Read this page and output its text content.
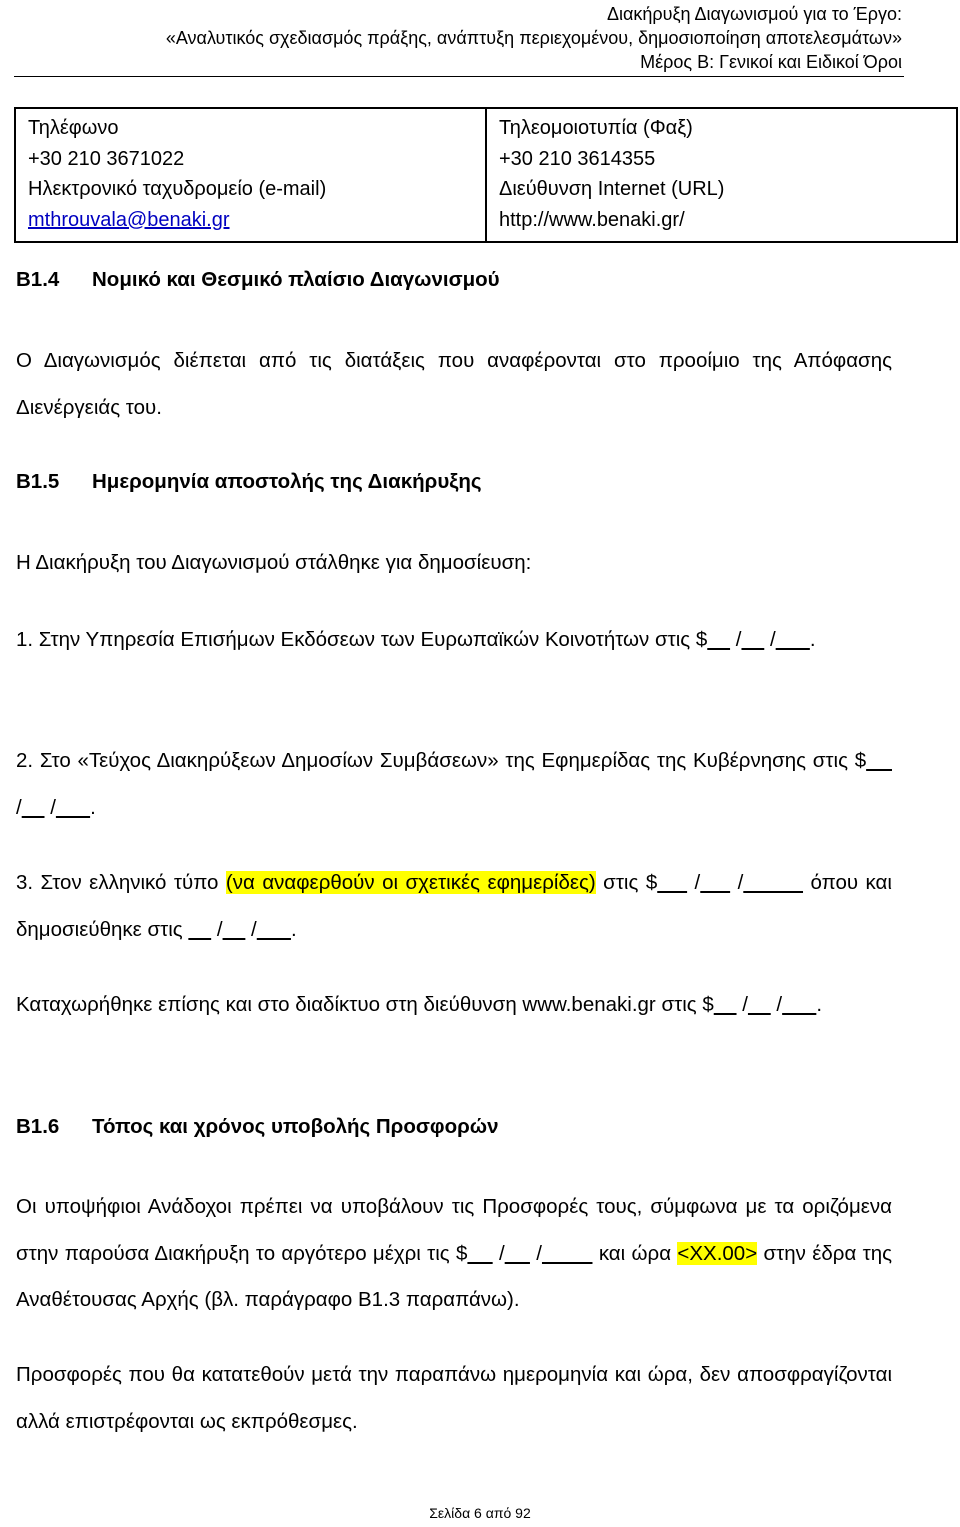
Διακήρυξη Διαγωνισμού για το Έργο:
«Αναλυτικός σχεδιασμός πράξης, ανάπτυξη περιεχομένου, δημοσιοποίηση αποτελεσμάτων»
Μέρος Β: Γενικοί και Ειδικοί Όροι
Τηλέφωνο
+30 210 3671022
Ηλεκτρονικό ταχυδρομείο (e-mail)
mthrouvala@benaki.gr

Τηλεομοιοτυπία (Φαξ)
+30 210 3614355
Διεύθυνση Internet (URL)
http://www.benaki.gr/
Β1.4 Νομικό και Θεσμικό πλαίσιο Διαγωνισμού
Ο Διαγωνισμός διέπεται από τις διατάξεις που αναφέρονται στο προοίμιο της Απόφασης Διενέργειάς του.
Β1.5 Ημερομηνία αποστολής της Διακήρυξης
Η Διακήρυξη του Διαγωνισμού στάλθηκε για δημοσίευση:
1. Στην Υπηρεσία Επισήμων Εκδόσεων των Ευρωπαϊκών Κοινοτήτων στις $     /     / .
2. Στο «Τεύχος Διακηρύξεων Δημοσίων Συμβάσεων» της Εφημερίδας της Κυβέρνησης στις $     /     / .
3. Στον ελληνικό τύπο (να αναφερθούν οι σχετικές εφημερίδες) στις $     /     /	όπου και δημοσιεύθηκε στις      /     / .
Καταχωρήθηκε επίσης και στο διαδίκτυο στη διεύθυνση www.benaki.gr στις $     /     / .
Β1.6 Τόπος και χρόνος υποβολής Προσφορών
Οι υποψήφιοι Ανάδοχοι πρέπει να υποβάλουν τις Προσφορές τους, σύμφωνα με τα οριζόμενα στην παρούσα Διακήρυξη το αργότερο μέχρι τις $     /     /	και ώρα <XX.00> στην έδρα της Αναθέτουσας Αρχής (βλ. παράγραφο Β1.3 παραπάνω).
Προσφορές που θα κατατεθούν μετά την παραπάνω ημερομηνία και ώρα, δεν αποσφραγίζονται αλλά επιστρέφονται ως εκπρόθεσμες.
Σελίδα 6 από 92
